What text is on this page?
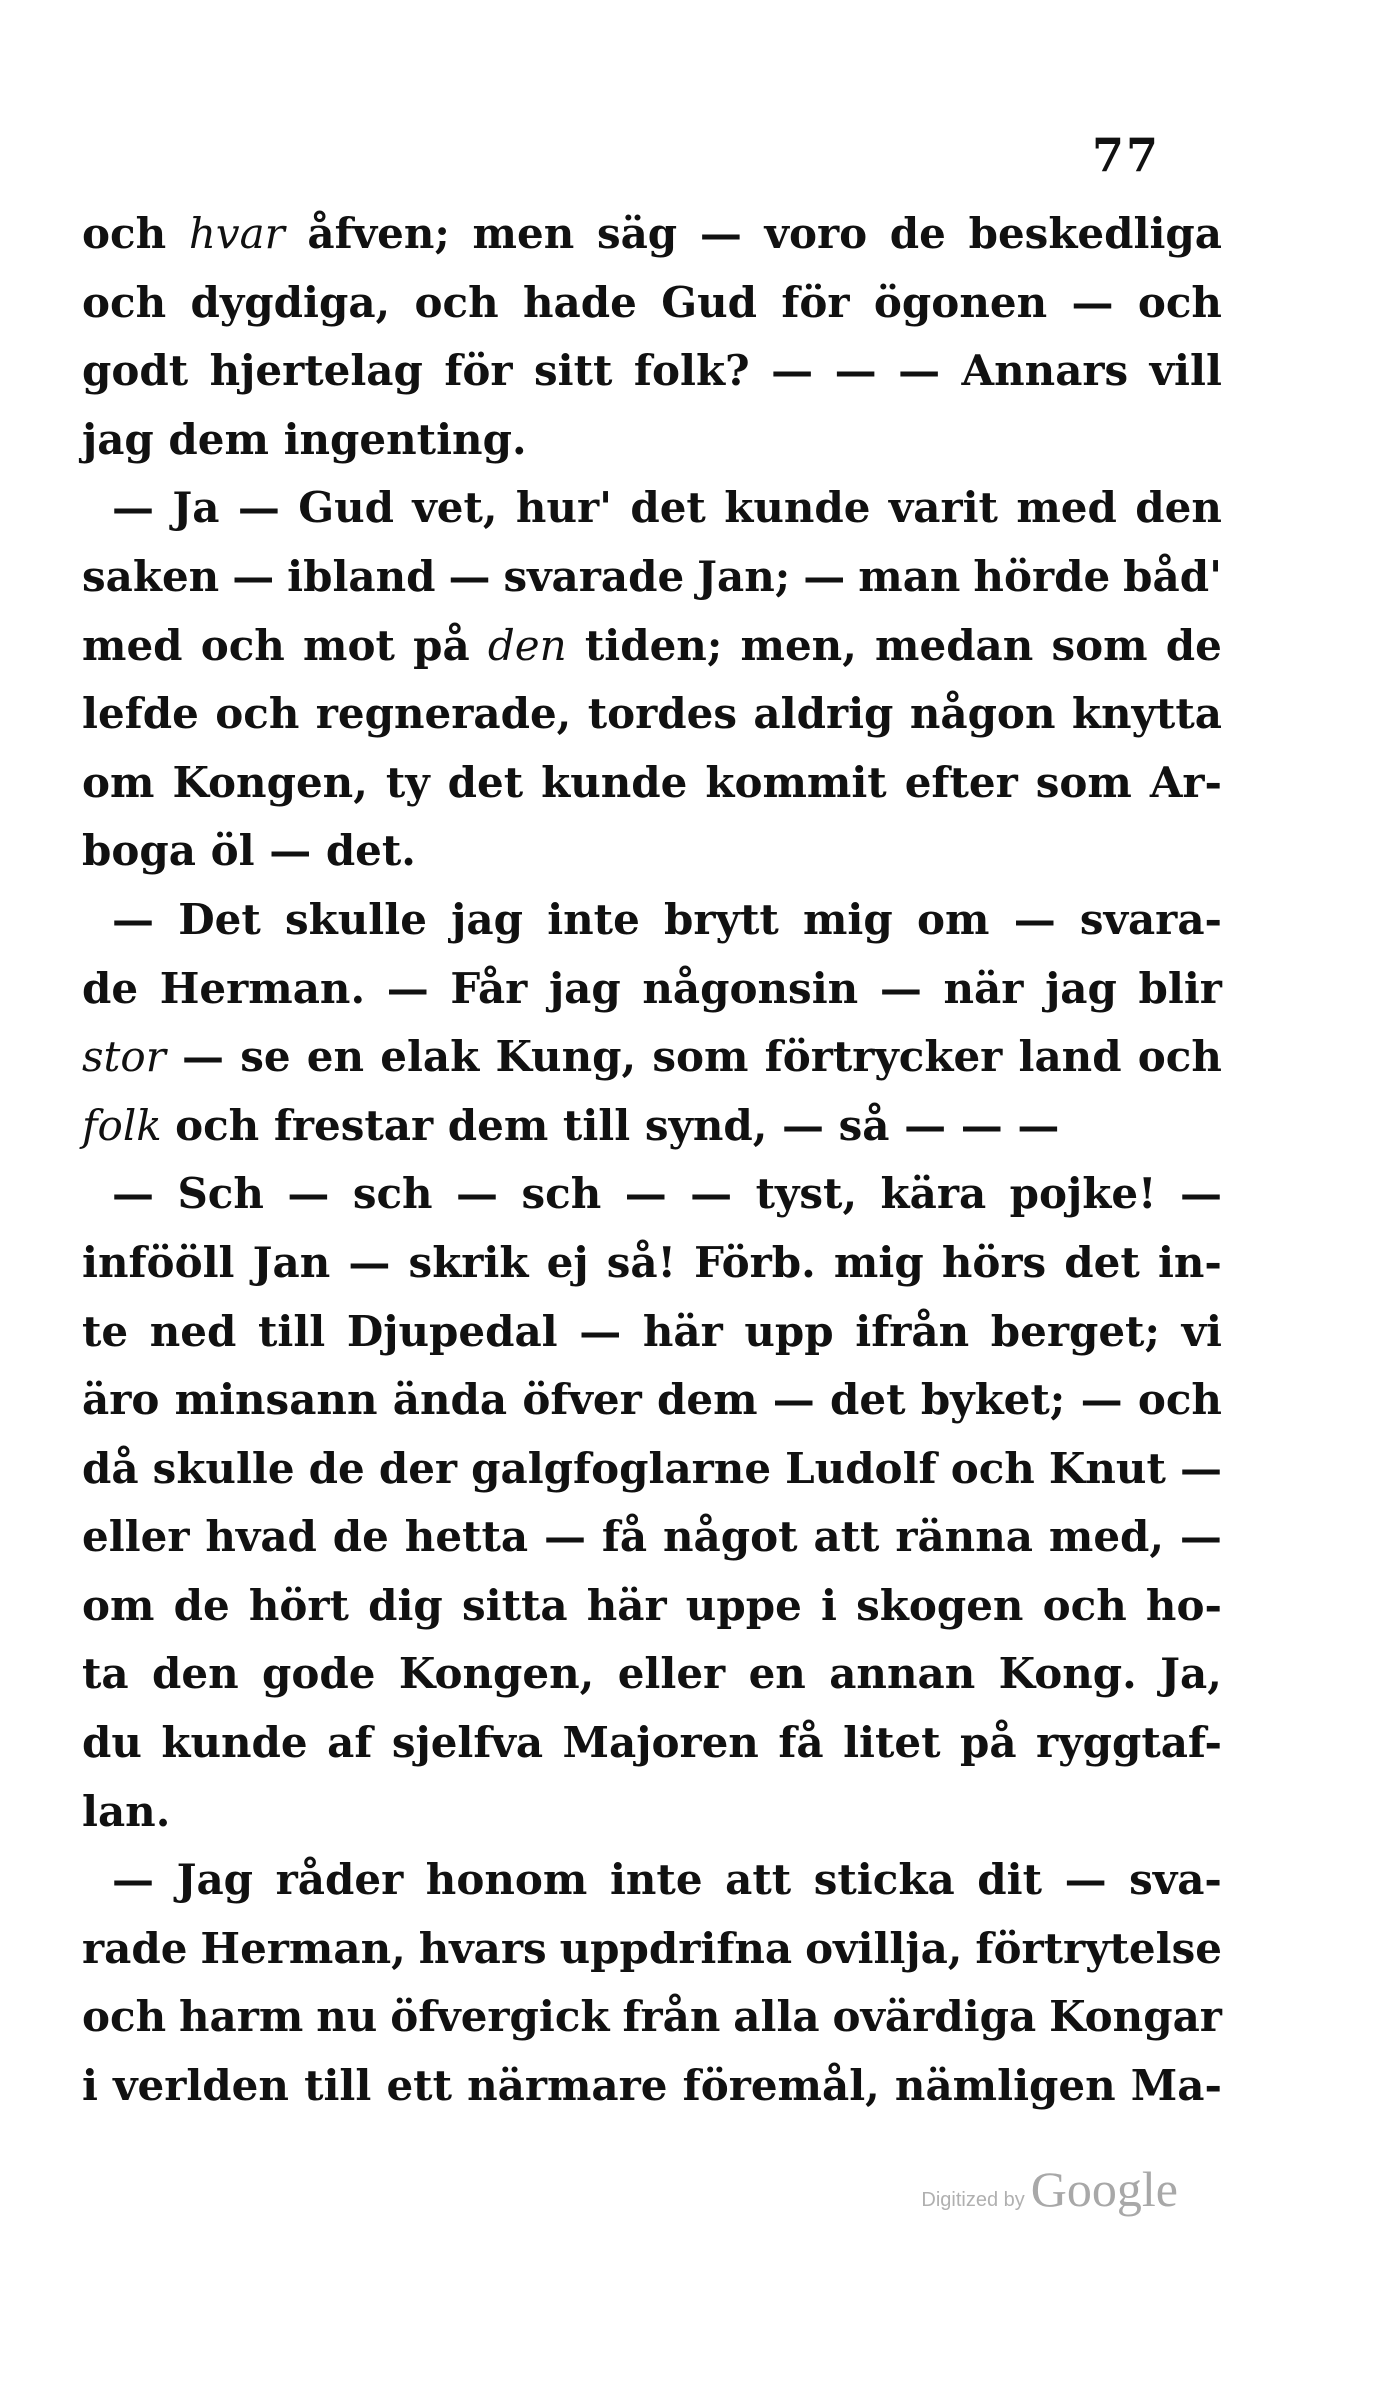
77
och hvar åfven; men säg — voro de beskedliga
och dygdiga, och hade Gud för ögonen — och
godt hjertelag för sitt folk? — — — Annars vill
jag dem ingenting.
— Ja — Gud vet, hur' det kunde varit med den
saken — ibland — svarade Jan; — man hörde båd'
med och mot på den tiden; men, medan som de
lefde och regnerade, tordes aldrig någon knytta
om Kongen, ty det kunde kommit efter som Ar-
boga öl — det.
— Det skulle jag inte brytt mig om — svara-
de Herman. — Får jag någonsin — när jag blir
stor — se en elak Kung, som förtrycker land och
folk och frestar dem till synd, — så — — —
— Sch — sch — sch — — tyst, kära pojke! —
infööll Jan — skrik ej så! Förb. mig hörs det in-
te ned till Djupedal — här upp ifrån berget; vi
äro minsann ända öfver dem — det byket; — och
då skulle de der galgfoglarne Ludolf och Knut —
eller hvad de hetta — få något att ränna med, —
om de hört dig sitta här uppe i skogen och ho-
ta den gode Kongen, eller en annan Kong. Ja,
du kunde af sjelfva Majoren få litet på ryggtaf-
lan.
— Jag råder honom inte att sticka dit — sva-
rade Herman, hvars uppdrifna ovillja, förtrytelse
och harm nu öfvergick från alla ovärdiga Kongar
i verlden till ett närmare föremål, nämligen Ma-
Digitized by Google
